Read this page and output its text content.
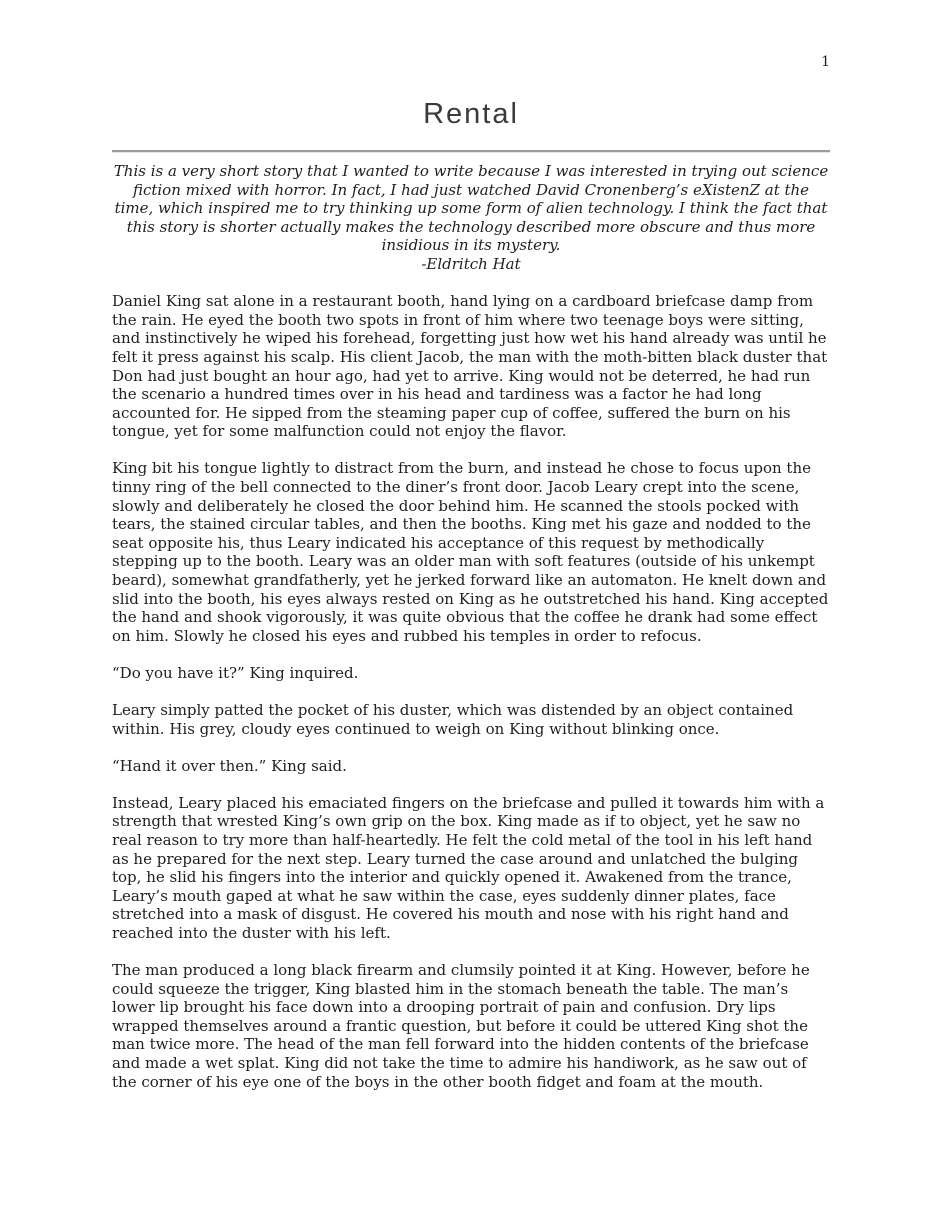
1
Rental
This is a very short story that I wanted to write because I was interested in trying out science fiction mixed with horror. In fact, I had just watched David Cronenberg’s eXistenZ at the time, which inspired me to try thinking up some form of alien technology. I think the fact that this story is shorter actually makes the technology described more obscure and thus more insidious in its mystery.
-Eldritch Hat

Daniel King sat alone in a restaurant booth, hand lying on a cardboard briefcase damp from the rain. He eyed the booth two spots in front of him where two teenage boys were sitting, and instinctively he wiped his forehead, forgetting just how wet his hand already was until he felt it press against his scalp. His client Jacob, the man with the moth-bitten black duster that Don had just bought an hour ago, had yet to arrive. King would not be deterred, he had run the scenario a hundred times over in his head and tardiness was a factor he had long accounted for. He sipped from the steaming paper cup of coffee, suffered the burn on his tongue, yet for some malfunction could not enjoy the flavor.

King bit his tongue lightly to distract from the burn, and instead he chose to focus upon the tinny ring of the bell connected to the diner’s front door. Jacob Leary crept into the scene, slowly and deliberately he closed the door behind him. He scanned the stools pocked with tears, the stained circular tables, and then the booths. King met his gaze and nodded to the seat opposite his, thus Leary indicated his acceptance of this request by methodically stepping up to the booth. Leary was an older man with soft features (outside of his unkempt beard), somewhat grandfatherly, yet he jerked forward like an automaton. He knelt down and slid into the booth, his eyes always rested on King as he outstretched his hand. King accepted the hand and shook vigorously, it was quite obvious that the coffee he drank had some effect on him. Slowly he closed his eyes and rubbed his temples in order to refocus.

“Do you have it?” King inquired.

Leary simply patted the pocket of his duster, which was distended by an object contained within. His grey, cloudy eyes continued to weigh on King without blinking once.

“Hand it over then.” King said.

Instead, Leary placed his emaciated fingers on the briefcase and pulled it towards him with a strength that wrested King’s own grip on the box. King made as if to object, yet he saw no real reason to try more than half-heartedly. He felt the cold metal of the tool in his left hand as he prepared for the next step. Leary turned the case around and unlatched the bulging top, he slid his fingers into the interior and quickly opened it. Awakened from the trance, Leary’s mouth gaped at what he saw within the case, eyes suddenly dinner plates, face stretched into a mask of disgust. He covered his mouth and nose with his right hand and reached into the duster with his left.

The man produced a long black firearm and clumsily pointed it at King. However, before he could squeeze the trigger, King blasted him in the stomach beneath the table. The man’s lower lip brought his face down into a drooping portrait of pain and confusion. Dry lips wrapped themselves around a frantic question, but before it could be uttered King shot the man twice more. The head of the man fell forward into the hidden contents of the briefcase and made a wet splat. King did not take the time to admire his handiwork, as he saw out of the corner of his eye one of the boys in the other booth fidget and foam at the mouth.
